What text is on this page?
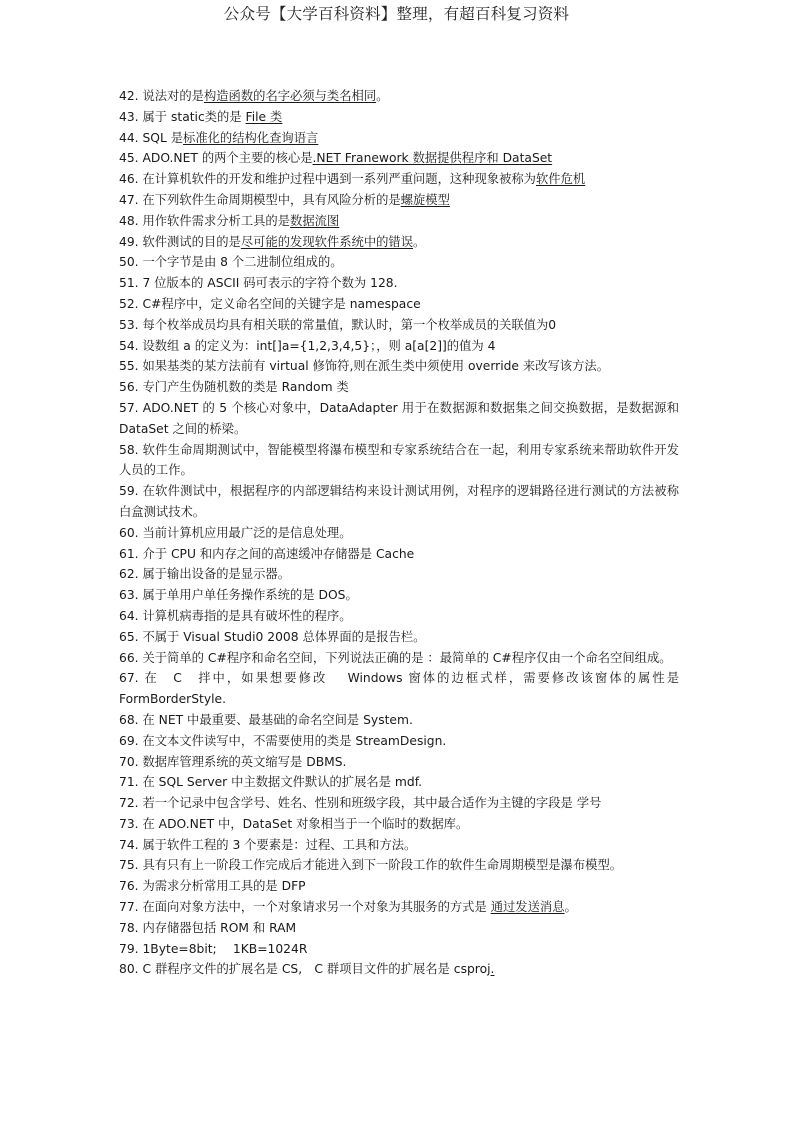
公众号【大学百科资料】整理，有超百科复习资料
42. 说法对的是构造函数的名字必须与类名相同。
43. 属于 static类的是 File 类
44. SQL 是标准化的结构化查询语言
45. ADO.NET 的两个主要的核心是.NET Franework 数据提供程序和 DataSet
46. 在计算机软件的开发和维护过程中遇到一系列严重问题，这种现象被称为软件危机
47. 在下列软件生命周期模型中，具有风险分析的是螺旋模型
48. 用作软件需求分析工具的是数据流图
49. 软件测试的目的是尽可能的发现软件系统中的错误。
50. 一个字节是由 8 个二进制位组成的。
51. 7 位版本的 ASCII 码可表示的字符个数为 128.
52. C#程序中，定义命名空间的关键字是 namespace
53. 每个枚举成员均具有相关联的常量值，默认时，第一个枚举成员的关联值为0
54. 设数组 a 的定义为：int[]a={1,2,3,4,5}；，则 a[a[2]]的值为 4
55. 如果基类的某方法前有 virtual 修饰符,则在派生类中须使用 override 来改写该方法。
56. 专门产生伪随机数的类是 Random 类
57. ADO.NET 的 5 个核心对象中，DataAdapter 用于在数据源和数据集之间交换数据，是数据源和 DataSet 之间的桥梁。
58. 软件生命周期测试中，智能模型将瀑布模型和专家系统结合在一起，利用专家系统来帮助软件开发人员的工作。
59. 在软件测试中，根据程序的内部逻辑结构来设计测试用例，对程序的逻辑路径进行测试的方法被称白盒测试技术。
60. 当前计算机应用最广泛的是信息处理。
61. 介于 CPU 和内存之间的高速缓冲存储器是 Cache
62. 属于输出设备的是显示器。
63. 属于单用户单任务操作系统的是 DOS。
64. 计算机病毒指的是具有破坏性的程序。
65. 不属于 Visual Studi0 2008 总体界面的是报告栏。
66. 关于简单的 C#程序和命名空间，下列说法正确的是 ：最简单的 C#程序仅由一个命名空间组成。
67. 在　C　拌中，如果想要修改　 Windows 窗体的边框式样，需要修改该窗体的属性是 FormBorderStyle.
68. 在 NET 中最重要、最基础的命名空间是 System.
69. 在文本文件读写中，不需要使用的类是 StreamDesign.
70. 数据库管理系统的英文缩写是 DBMS.
71. 在 SQL Server 中主数据文件默认的扩展名是 mdf.
72. 若一个记录中包含学号、姓名、性别和班级字段，其中最合适作为主键的字段是 学号
73. 在 ADO.NET 中，DataSet 对象相当于一个临时的数据库。
74. 属于软件工程的 3 个要素是：过程、工具和方法。
75. 具有只有上一阶段工作完成后才能进入到下一阶段工作的软件生命周期模型是瀑布模型。
76. 为需求分析常用工具的是 DFP
77. 在面向对象方法中，一个对象请求另一个对象为其服务的方式是 通过发送消息。
78. 内存储器包括 ROM 和 RAM
79. 1Byte=8bit;　 1KB=1024R
80. C 群程序文件的扩展名是 CS,　C 群项目文件的扩展名是 csproj.
